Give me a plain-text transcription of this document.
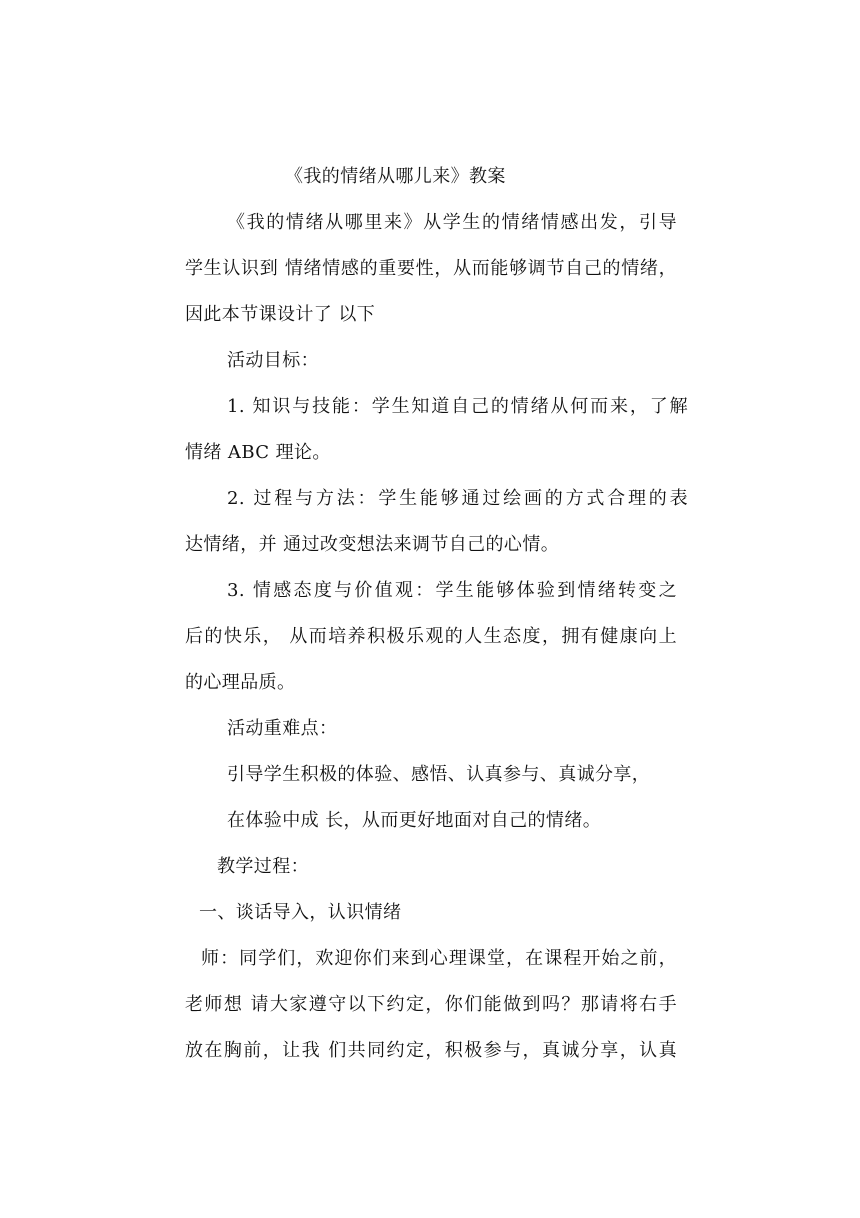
《我的情绪从哪儿来》教案
《我的情绪从哪里来》从学生的情绪情感出发，引导
学生认识到 情绪情感的重要性，从而能够调节自己的情绪，
因此本节课设计了 以下
活动目标：
1. 知识与技能：学生知道自己的情绪从何而来，了解
情绪 ABC 理论。
2. 过程与方法：学生能够通过绘画的方式合理的表
达情绪，并 通过改变想法来调节自己的心情。
3. 情感态度与价值观：学生能够体验到情绪转变之
后的快乐， 从而培养积极乐观的人生态度，拥有健康向上
的心理品质。
活动重难点：
引导学生积极的体验、感悟、认真参与、真诚分享，
在体验中成 长，从而更好地面对自己的情绪。
教学过程：
一、谈话导入，认识情绪
师：同学们，欢迎你们来到心理课堂，在课程开始之前，
老师想 请大家遵守以下约定，你们能做到吗？那请将右手
放在胸前，让我 们共同约定，积极参与，真诚分享，认真
